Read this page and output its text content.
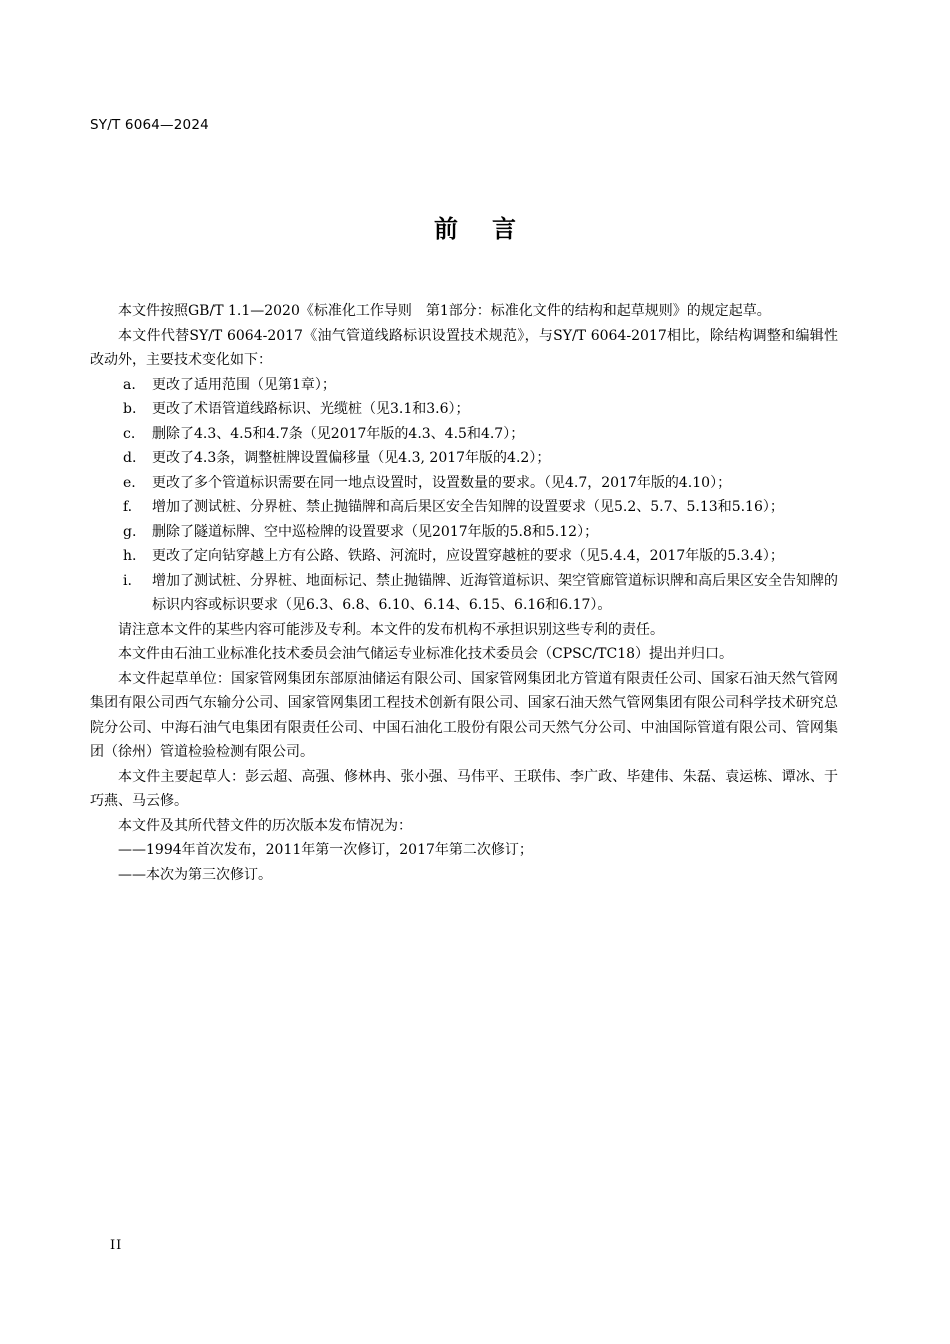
SY/T 6064—2024
前言

本文件按照GB/T 1.1—2020《标准化工作导则　第1部分：标准化文件的结构和起草规则》的规定起草。

本文件代替SY/T 6064-2017《油气管道线路标识设置技术规范》，与SY/T 6064-2017相比，除结构调整和编辑性改动外，主要技术变化如下：

a. 更改了适用范围（见第1章）；

b. 更改了术语管道线路标识、光缆桩（见3.1和3.6）；

c. 删除了4.3、4.5和4.7条（见2017年版的4.3、4.5和4.7）；

d. 更改了4.3条，调整桩牌设置偏移量（见4.3, 2017年版的4.2）；

e. 更改了多个管道标识需要在同一地点设置时，设置数量的要求。（见4.7，2017年版的4.10）；

f. 增加了测试桩、分界桩、禁止抛锚牌和高后果区安全告知牌的设置要求（见5.2、5.7、5.13和5.16）；

g. 删除了隧道标牌、空中巡检牌的设置要求（见2017年版的5.8和5.12）；

h. 更改了定向钻穿越上方有公路、铁路、河流时，应设置穿越桩的要求（见5.4.4，2017年版的5.3.4）；

i. 增加了测试桩、分界桩、地面标记、禁止抛锚牌、近海管道标识、架空管廊管道标识牌和高后果区安全告知牌的标识内容或标识要求（见6.3、6.8、6.10、6.14、6.15、6.16和6.17）。

请注意本文件的某些内容可能涉及专利。本文件的发布机构不承担识别这些专利的责任。

本文件由石油工业标准化技术委员会油气储运专业标准化技术委员会（CPSC/TC18）提出并归口。

本文件起草单位：国家管网集团东部原油储运有限公司、国家管网集团北方管道有限责任公司、国家石油天然气管网集团有限公司西气东输分公司、国家管网集团工程技术创新有限公司、国家石油天然气管网集团有限公司科学技术研究总院分公司、中海石油气电集团有限责任公司、中国石油化工股份有限公司天然气分公司、中油国际管道有限公司、管网集团（徐州）管道检验检测有限公司。

本文件主要起草人：彭云超、高强、修林冉、张小强、马伟平、王联伟、李广政、毕建伟、朱磊、袁运栋、谭冰、于巧燕、马云修。

本文件及其所代替文件的历次版本发布情况为：

——1994年首次发布，2011年第一次修订，2017年第二次修订；

——本次为第三次修订。

II
